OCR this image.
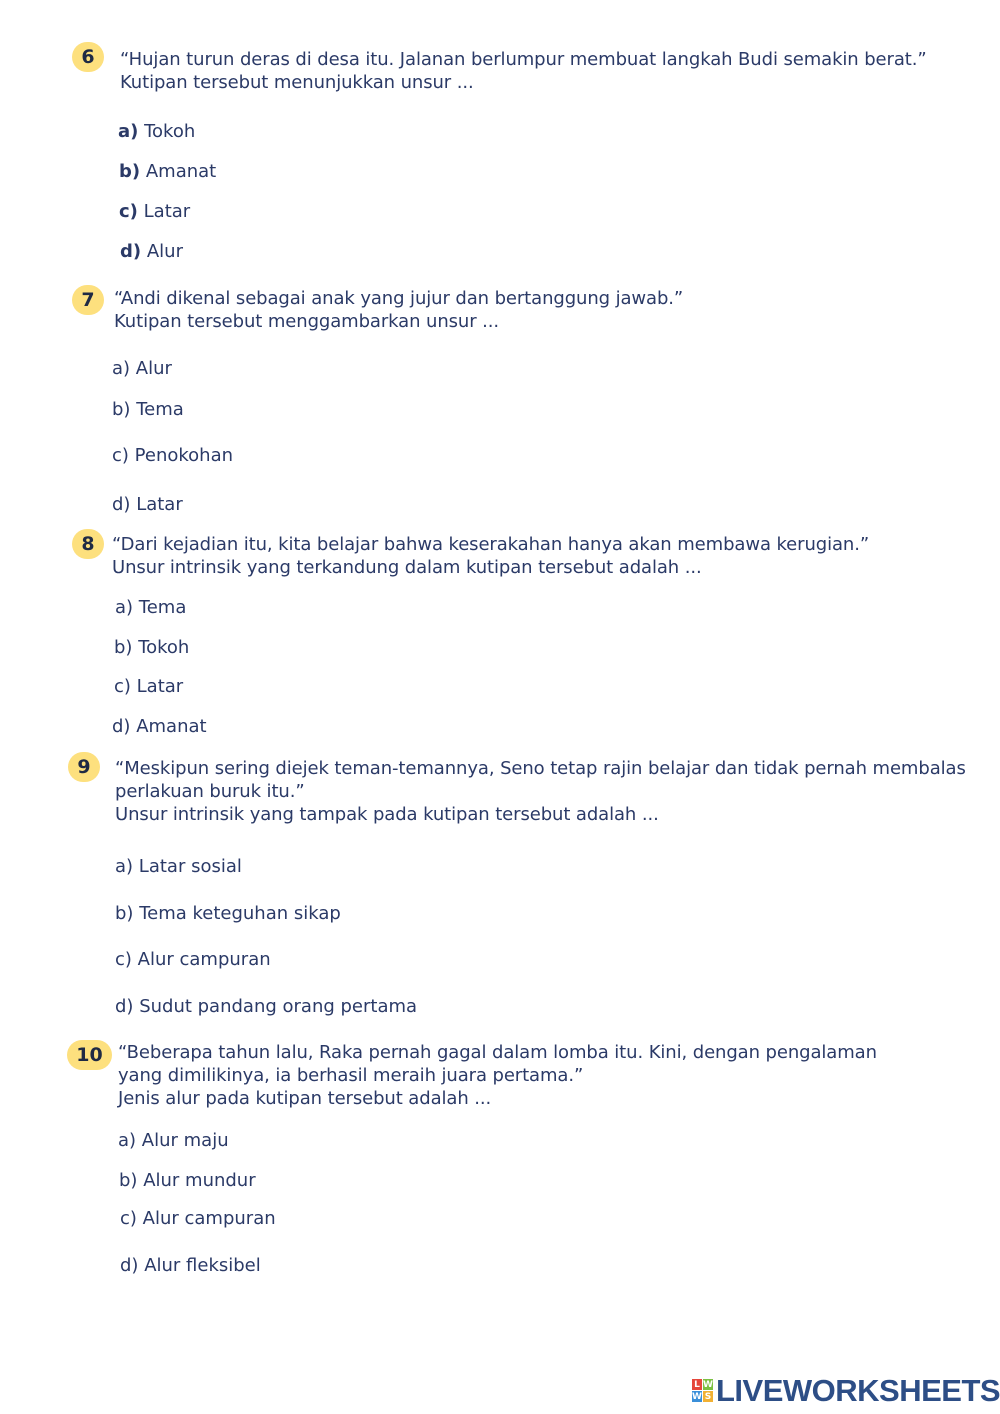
6	“Hujan turun deras di desa itu. Jalanan berlumpur membuat langkah Budi semakin berat.”
Kutipan tersebut menunjukkan unsur ...
a) Tokoh
b) Amanat
c) Latar
d) Alur
7	“Andi dikenal sebagai anak yang jujur dan bertanggung jawab.”
Kutipan tersebut menggambarkan unsur ...
a) Alur
b) Tema
c) Penokohan
d) Latar
8 “Dari kejadian itu, kita belajar bahwa keserakahan hanya akan membawa kerugian.”
Unsur intrinsik yang terkandung dalam kutipan tersebut adalah ...
a) Tema
b) Tokoh
c) Latar
d) Amanat
9	“Meskipun sering diejek teman-temannya, Seno tetap rajin belajar dan tidak pernah membalas
perlakuan buruk itu.”
Unsur intrinsik yang tampak pada kutipan tersebut adalah ...
a) Latar sosial
b) Tema keteguhan sikap
c) Alur campuran
d) Sudut pandang orang pertama
10 “Beberapa tahun lalu, Raka pernah gagal dalam lomba itu. Kini, dengan pengalaman
yang dimilikinya, ia berhasil meraih juara pertama.”
Jenis alur pada kutipan tersebut adalah ...
a) Alur maju
b) Alur mundur
c) Alur campuran
d) Alur fleksibel
L W
W S LIVEWORKSHEETS
